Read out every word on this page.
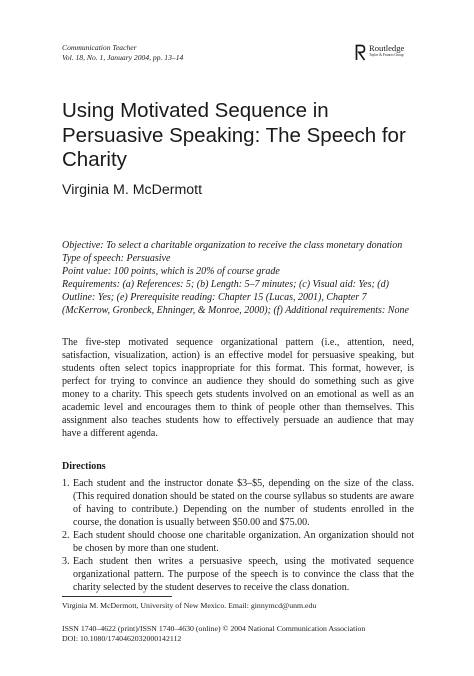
Communication Teacher
Vol. 18, No. 1, January 2004, pp. 13–14
Routledge
Taylor & Francis Group
Using Motivated Sequence in Persuasive Speaking: The Speech for Charity

Virginia M. McDermott

Objective: To select a charitable organization to receive the class monetary donation
Type of speech: Persuasive
Point value: 100 points, which is 20% of course grade
Requirements: (a) References: 5; (b) Length: 5–7 minutes; (c) Visual aid: Yes; (d) Outline: Yes; (e) Prerequisite reading: Chapter 15 (Lucas, 2001), Chapter 7 (McKerrow, Gronbeck, Ehninger, & Monroe, 2000); (f) Additional requirements: None

The five-step motivated sequence organizational pattern (i.e., attention, need, satisfaction, visualization, action) is an effective model for persuasive speaking, but students often select topics inappropriate for this format. This format, however, is perfect for trying to convince an audience they should do something such as give money to a charity. This speech gets students involved on an emotional as well as an academic level and encourages them to think of people other than themselves. This assignment also teaches students how to effectively persuade an audience that may have a different agenda.

Directions
1. Each student and the instructor donate $3–$5, depending on the size of the class. (This required donation should be stated on the course syllabus so students are aware of having to contribute.) Depending on the number of students enrolled in the course, the donation is usually between $50.00 and $75.00.
2. Each student should choose one charitable organization. An organization should not be chosen by more than one student.
3. Each student then writes a persuasive speech, using the motivated sequence organizational pattern. The purpose of the speech is to convince the class that the charity selected by the student deserves to receive the class donation.

Virginia M. McDermott, University of New Mexico. Email: ginnymcd@unm.edu

ISSN 1740–4622 (print)/ISSN 1740–4630 (online) © 2004 National Communication Association
DOI: 10.1080/1740462032000142112
